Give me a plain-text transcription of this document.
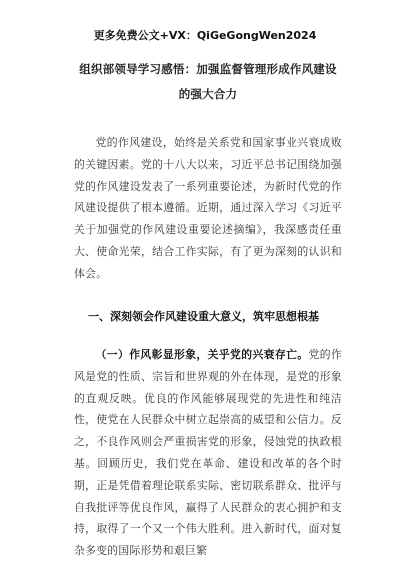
更多免费公文+VX：QiGeGongWen2024
组织部领导学习感悟：加强监督管理形成作风建设的强大合力
党的作风建设，始终是关系党和国家事业兴衰成败的关键因素。党的十八大以来，习近平总书记围绕加强党的作风建设发表了一系列重要论述，为新时代党的作风建设提供了根本遵循。近期，通过深入学习《习近平关于加强党的作风建设重要论述摘编》，我深感责任重大、使命光荣，结合工作实际，有了更为深刻的认识和体会。
一、深刻领会作风建设重大意义，筑牢思想根基
（一）作风彰显形象，关乎党的兴衰存亡。党的作风是党的性质、宗旨和世界观的外在体现，是党的形象的直观反映。优良的作风能够展现党的先进性和纯洁性，使党在人民群众中树立起崇高的威望和公信力。反之，不良作风则会严重损害党的形象，侵蚀党的执政根基。回顾历史，我们党在革命、建设和改革的各个时期，正是凭借着理论联系实际、密切联系群众、批评与自我批评等优良作风，赢得了人民群众的衷心拥护和支持，取得了一个又一个伟大胜利。进入新时代，面对复杂多变的国际形势和艰巨繁
